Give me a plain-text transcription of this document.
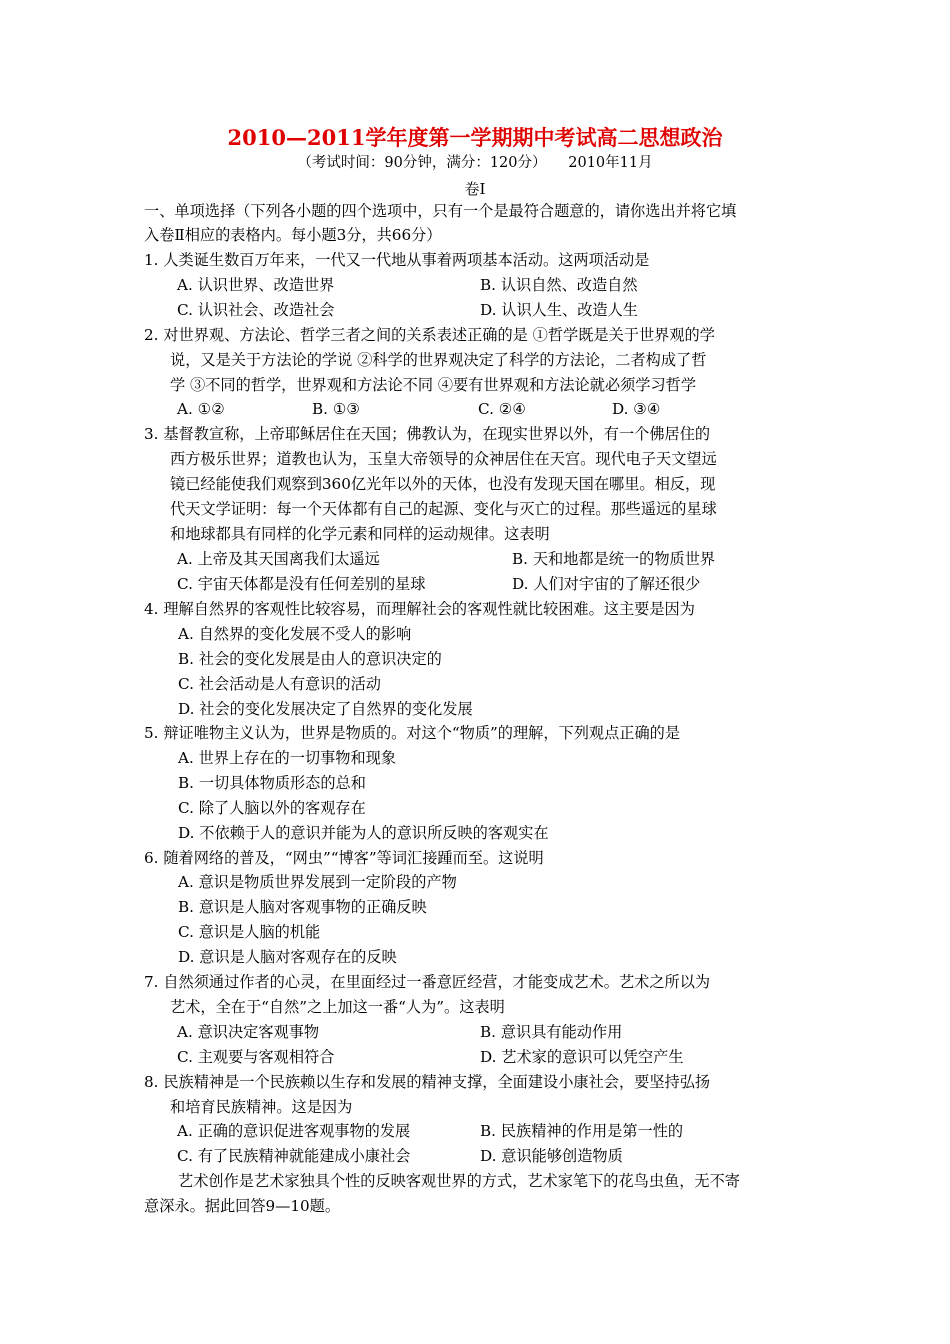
2010—2011学年度第一学期期中考试高二思想政治
（考试时间：90分钟，满分：120分）　　2010年11月
卷Ⅰ
一、单项选择（下列各小题的四个选项中，只有一个是最符合题意的，请你选出并将它填
入卷Ⅱ相应的表格内。每小题3分，共66分）
1. 人类诞生数百万年来，一代又一代地从事着两项基本活动。这两项活动是
A. 认识世界、改造世界	B. 认识自然、改造自然
C. 认识社会、改造社会	D. 认识人生、改造人生
2. 对世界观、方法论、哲学三者之间的关系表述正确的是 ①哲学既是关于世界观的学
说，又是关于方法论的学说 ②科学的世界观决定了科学的方法论，二者构成了哲
学 ③不同的哲学，世界观和方法论不同 ④要有世界观和方法论就必须学习哲学
A. ①②	B. ①③	C. ②④	D. ③④
3. 基督教宣称，上帝耶稣居住在天国；佛教认为，在现实世界以外，有一个佛居住的
西方极乐世界；道教也认为，玉皇大帝领导的众神居住在天宫。现代电子天文望远
镜已经能使我们观察到360亿光年以外的天体，也没有发现天国在哪里。相反，现
代天文学证明：每一个天体都有自己的起源、变化与灭亡的过程。那些遥远的星球
和地球都具有同样的化学元素和同样的运动规律。这表明
A. 上帝及其天国离我们太遥远	B. 天和地都是统一的物质世界
C. 宇宙天体都是没有任何差别的星球	D. 人们对宇宙的了解还很少
4. 理解自然界的客观性比较容易，而理解社会的客观性就比较困难。这主要是因为
A. 自然界的变化发展不受人的影响
B. 社会的变化发展是由人的意识决定的
C. 社会活动是人有意识的活动
D. 社会的变化发展决定了自然界的变化发展
5. 辩证唯物主义认为，世界是物质的。对这个“物质”的理解，下列观点正确的是
A. 世界上存在的一切事物和现象
B. 一切具体物质形态的总和
C. 除了人脑以外的客观存在
D. 不依赖于人的意识并能为人的意识所反映的客观实在
6. 随着网络的普及，“网虫”“博客”等词汇接踵而至。这说明
A. 意识是物质世界发展到一定阶段的产物
B. 意识是人脑对客观事物的正确反映
C. 意识是人脑的机能
D. 意识是人脑对客观存在的反映
7. 自然须通过作者的心灵，在里面经过一番意匠经营，才能变成艺术。艺术之所以为
艺术，全在于“自然”之上加这一番“人为”。这表明
A. 意识决定客观事物	B. 意识具有能动作用
C. 主观要与客观相符合	D. 艺术家的意识可以凭空产生
8. 民族精神是一个民族赖以生存和发展的精神支撑，全面建设小康社会，要坚持弘扬
和培育民族精神。这是因为
A. 正确的意识促进客观事物的发展	B. 民族精神的作用是第一性的
C. 有了民族精神就能建成小康社会	D. 意识能够创造物质
艺术创作是艺术家独具个性的反映客观世界的方式，艺术家笔下的花鸟虫鱼，无不寄
意深永。据此回答9—10题。
